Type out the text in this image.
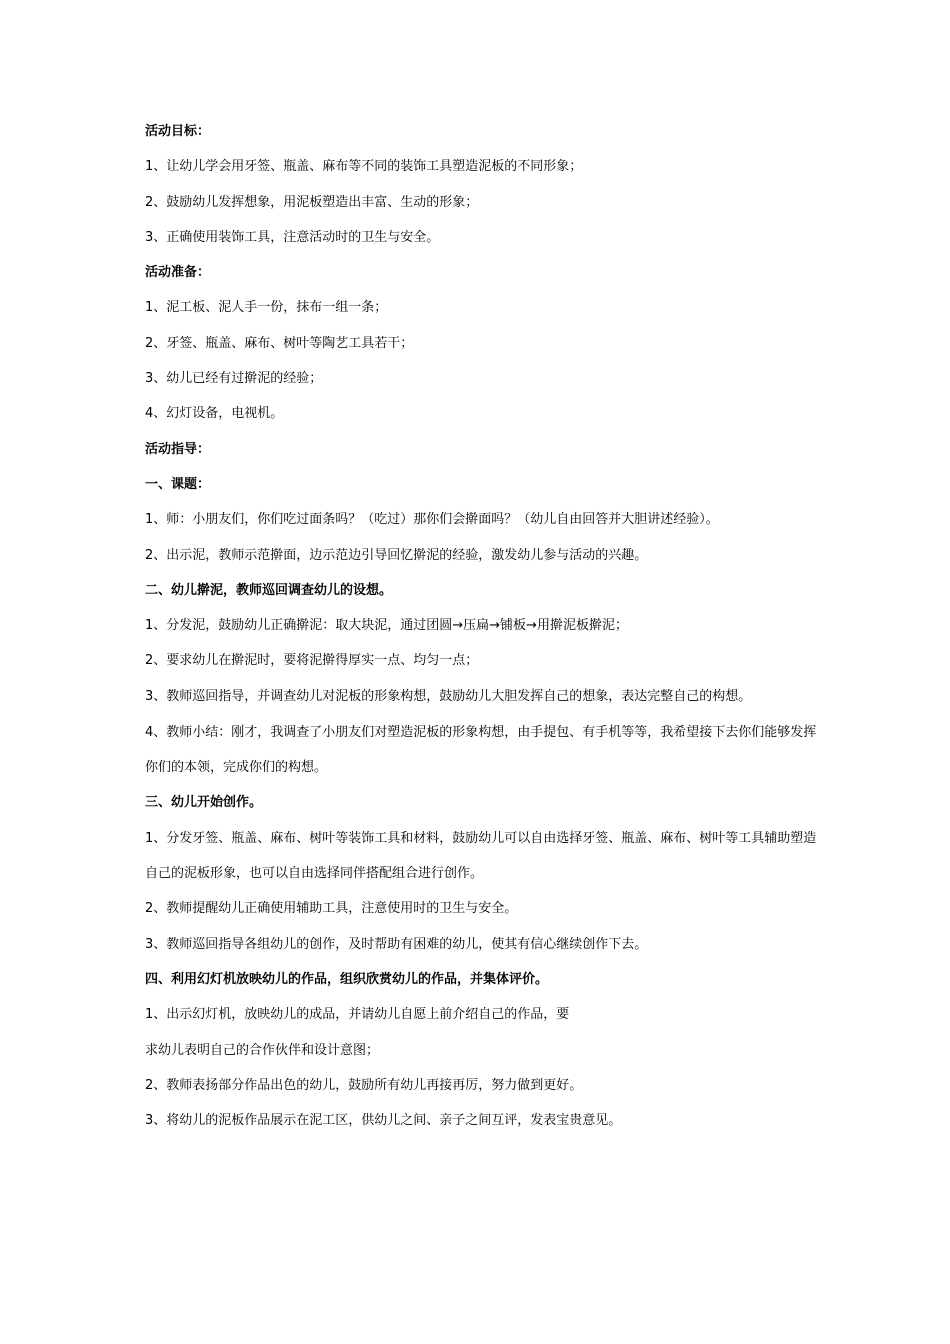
活动目标：
1、让幼儿学会用牙签、瓶盖、麻布等不同的装饰工具塑造泥板的不同形象；
2、鼓励幼儿发挥想象，用泥板塑造出丰富、生动的形象；
3、正确使用装饰工具，注意活动时的卫生与安全。
活动准备：
1、泥工板、泥人手一份，抹布一组一条；
2、牙签、瓶盖、麻布、树叶等陶艺工具若干；
3、幼儿已经有过擀泥的经验；
4、幻灯设备，电视机。
活动指导：
一、课题：
1、师：小朋友们，你们吃过面条吗？（吃过）那你们会擀面吗？（幼儿自由回答并大胆讲述经验）。
2、出示泥，教师示范擀面，边示范边引导回忆擀泥的经验，激发幼儿参与活动的兴趣。
二、幼儿擀泥，教师巡回调查幼儿的设想。
1、分发泥，鼓励幼儿正确擀泥：取大块泥，通过团圆→压扁→铺板→用擀泥板擀泥；
2、要求幼儿在擀泥时，要将泥擀得厚实一点、均匀一点；
3、教师巡回指导，并调查幼儿对泥板的形象构想，鼓励幼儿大胆发挥自己的想象，表达完整自己的构想。
4、教师小结：刚才，我调查了小朋友们对塑造泥板的形象构想，由手提包、有手机等等，我希望接下去你们能够发挥你们的本领，完成你们的构想。
三、幼儿开始创作。
1、分发牙签、瓶盖、麻布、树叶等装饰工具和材料，鼓励幼儿可以自由选择牙签、瓶盖、麻布、树叶等工具辅助塑造自己的泥板形象，也可以自由选择同伴搭配组合进行创作。
2、教师提醒幼儿正确使用辅助工具，注意使用时的卫生与安全。
3、教师巡回指导各组幼儿的创作，及时帮助有困难的幼儿，使其有信心继续创作下去。
四、利用幻灯机放映幼儿的作品，组织欣赏幼儿的作品，并集体评价。
1、出示幻灯机，放映幼儿的成品，并请幼儿自愿上前介绍自己的作品，要
求幼儿表明自己的合作伙伴和设计意图；
2、教师表扬部分作品出色的幼儿，鼓励所有幼儿再接再厉，努力做到更好。
3、将幼儿的泥板作品展示在泥工区，供幼儿之间、亲子之间互评，发表宝贵意见。
